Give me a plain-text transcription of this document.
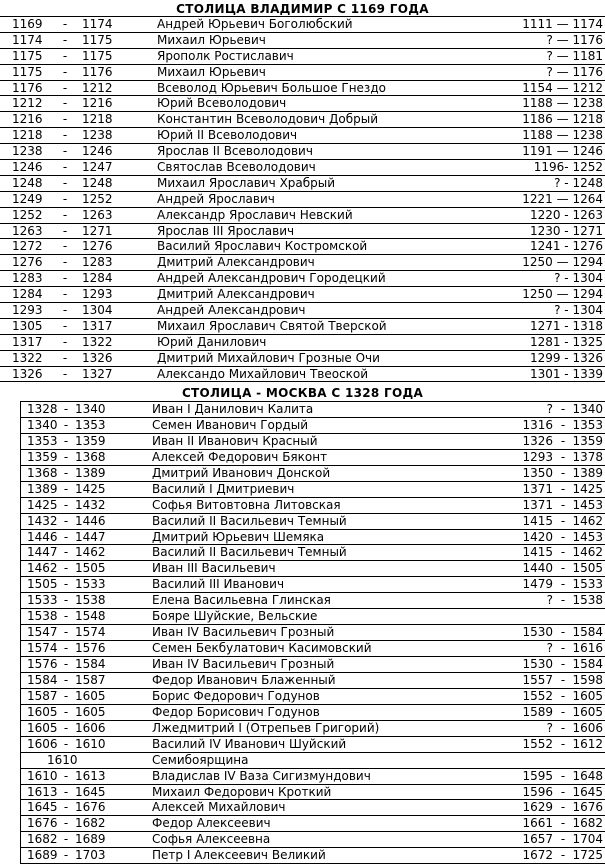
СТОЛИЦА ВЛАДИМИР С 1169 ГОДА
1169 - 1174	Андрей Юрьевич Боголюбский	1111 — 1174
1174 - 1175	Михаил Юрьевич	? — 1176
1175 - 1175	Ярополк Ростиславич	? — 1181
1175 - 1176	Михаил Юрьевич	? — 1176
1176 - 1212	Всеволод Юрьевич Большое Гнездо	1154 — 1212
1212 - 1216	Юрий Всеволодович	1188 — 1238
1216 - 1218	Константин Всеволодович Добрый	1186 — 1218
1218 - 1238	Юрий II Всеволодович	1188 — 1238
1238 - 1246	Ярослав II Всеволодович	1191 — 1246
1246 - 1247	Святослав Всеволодович	1196- 1252
1248 - 1248	Михаил Ярославич Храбрый	? - 1248
1249 - 1252	Андрей Ярославич	1221 — 1264
1252 - 1263	Александр Ярославич Невский	1220 - 1263
1263 - 1271	Ярослав III Ярославич	1230 - 1271
1272 - 1276	Василий Ярославич Костромской	1241 - 1276
1276 - 1283	Дмитрий Александрович	1250 — 1294
1283 - 1284	Андрей Александрович Городецкий	? - 1304
1284 - 1293	Дмитрий Александрович	1250 — 1294
1293 - 1304	Андрей Александрович	? - 1304
1305 - 1317	Михаил Ярославич Святой Тверской	1271 - 1318
1317 - 1322	Юрий Данилович	1281 - 1325
1322 - 1326	Дмитрий Михайлович Грозные Очи	1299 - 1326
1326 - 1327	Александо Михайлович Твеоской	1301 - 1339
СТОЛИЦА - МОСКВА С 1328 ГОДА
1328 - 1340	Иван I Данилович Калита	? - 1340
1340 - 1353	Семен Иванович Гордый	1316 - 1353
1353 - 1359	Иван II Иванович Красный	1326 - 1359
1359 - 1368	Алексей Федорович Бяконт	1293 - 1378
1368 - 1389	Дмитрий Иванович Донской	1350 - 1389
1389 - 1425	Василий I Дмитриевич	1371 - 1425
1425 - 1432	Софья Витовтовна Литовская	1371 - 1453
1432 - 1446	Василий II Васильевич Темный	1415 - 1462
1446 - 1447	Дмитрий Юрьевич Шемяка	1420 - 1453
1447 - 1462	Василий II Васильевич Темный	1415 - 1462
1462 - 1505	Иван III Васильевич	1440 - 1505
1505 - 1533	Василий III Иванович	1479 - 1533
1533 - 1538	Елена Васильевна Глинская	? - 1538
1538 - 1548	Бояре Шуйские, Вельские
1547 - 1574	Иван IV Васильевич Грозный	1530 - 1584
1574 - 1576	Семен Бекбулатович Касимовский	? - 1616
1576 - 1584	Иван IV Васильевич Грозный	1530 - 1584
1584 - 1587	Федор Иванович Блаженный	1557 - 1598
1587 - 1605	Борис Федорович Годунов	1552 - 1605
1605 - 1605	Федор Борисович Годунов	1589 - 1605
1605 - 1606	Лжедмитрий I (Отрепьев Григорий)	? - 1606
1606 - 1610	Василий IV Иванович Шуйский	1552 - 1612
1610	Семибоярщина
1610 - 1613	Владислав IV Ваза Сигизмундович	1595 - 1648
1613 - 1645	Михаил Федорович Кроткий	1596 - 1645
1645 - 1676	Алексей Михайлович	1629 - 1676
1676 - 1682	Федор Алексеевич	1661 - 1682
1682 - 1689	Софья Алексеевна	1657 - 1704
1689 - 1703	Петр I Алексеевич Великий	1672 - 1725
